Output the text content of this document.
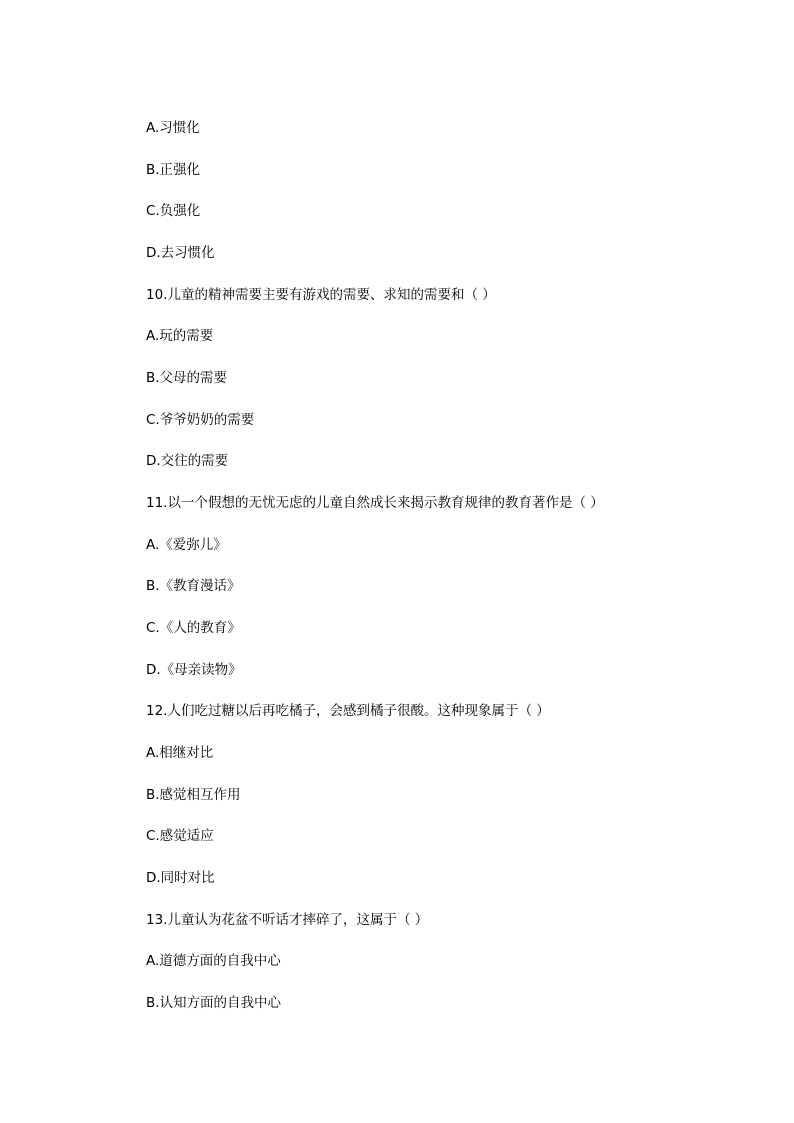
A.习惯化
B.正强化
C.负强化
D.去习惯化
10.儿童的精神需要主要有游戏的需要、求知的需要和（ ）
A.玩的需要
B.父母的需要
C.爷爷奶奶的需要
D.交往的需要
11.以一个假想的无忧无虑的儿童自然成长来揭示教育规律的教育著作是（ ）
A.《爱弥儿》
B.《教育漫话》
C.《人的教育》
D.《母亲读物》
12.人们吃过糖以后再吃橘子，会感到橘子很酸。这种现象属于（ ）
A.相继对比
B.感觉相互作用
C.感觉适应
D.同时对比
13.儿童认为花盆不听话才摔碎了，这属于（ ）
A.道德方面的自我中心
B.认知方面的自我中心
